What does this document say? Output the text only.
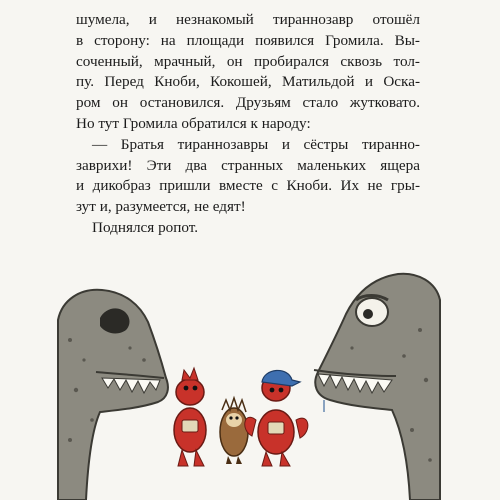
шумела, и незнакомый тираннозавр отошёл
в сторону: на площади появился Громила. Вы-
соченный, мрачный, он пробирался сквозь тол-
пу. Перед Кноби, Кокошей, Матильдой и Оска-
ром он остановился. Друзьям стало жутковато.
Но тут Громила обратился к народу:
— Братья тираннозавры и сёстры тиранно-
заврихи! Эти два странных маленьких ящера
и дикобраз пришли вместе с Кноби. Их не гры-
зут и, разумеется, не едят!
Поднялся ропот.
